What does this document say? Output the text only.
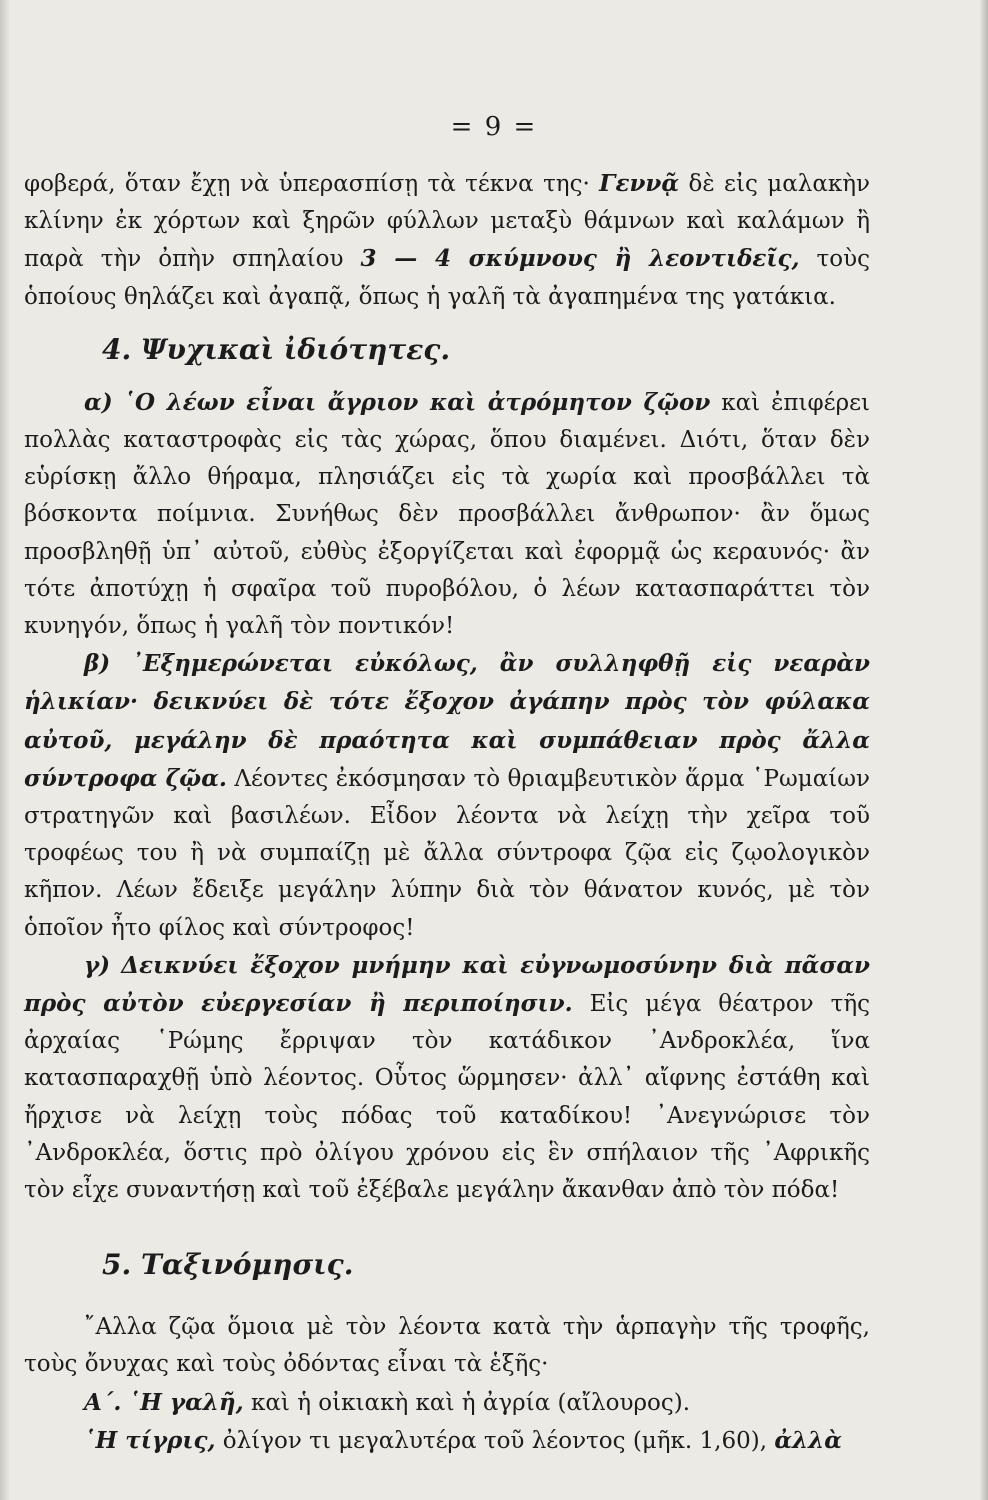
= 9 =

φοβερά, ὅταν ἔχῃ νὰ ὑπερασπίσῃ τὰ τέκνα της· Γεννᾷ δὲ εἰς μαλακὴν κλίνην ἐκ χόρτων καὶ ξηρῶν φύλλων μεταξὺ θάμνων καὶ καλάμων ἢ παρὰ τὴν ὀπὴν σπηλαίου 3 — 4 σκύμνους ἢ λεοντιδεῖς, τοὺς ὁποίους θηλάζει καὶ ἀγαπᾷ, ὅπως ἡ γαλῆ τὰ ἀγαπημένα της γατάκια.

4. Ψυχικαὶ ἰδιότητες.

α) ῾Ο λέων εἶναι ἄγριον καὶ ἀτρόμητον ζῷον καὶ ἐπιφέρει πολλὰς καταστροφὰς εἰς τὰς χώρας, ὅπου διαμένει. Διότι, ὅταν δὲν εὑρίσκῃ ἄλλο θήραμα, πλησιάζει εἰς τὰ χωρία καὶ προσβάλλει τὰ βόσκοντα ποίμνια. Συνήθως δὲν προσβάλλει ἄνθρωπον· ἂν ὅμως προσβληθῇ ὑπ᾿ αὐτοῦ, εὐθὺς ἐξοργίζεται καὶ ἐφορμᾷ ὡς κεραυνός· ἂν τότε ἀποτύχῃ ἡ σφαῖρα τοῦ πυροβόλου, ὁ λέων κατασπαράττει τὸν κυνηγόν, ὅπως ἡ γαλῆ τὸν ποντικόν!

β) ᾿Εξημερώνεται εὐκόλως, ἂν συλληφθῇ εἰς νεαρὰν ἡλικίαν· δεικνύει δὲ τότε ἔξοχον ἀγάπην πρὸς τὸν φύλακα αὐτοῦ, μεγάλην δὲ πραότητα καὶ συμπάθειαν πρὸς ἄλλα σύντροφα ζῷα. Λέοντες ἐκόσμησαν τὸ θριαμβευτικὸν ἅρμα ῾Ρωμαίων στρατηγῶν καὶ βασιλέων. Εἶδον λέοντα νὰ λείχῃ τὴν χεῖρα τοῦ τροφέως του ἢ νὰ συμπαίζῃ μὲ ἄλλα σύντροφα ζῷα εἰς ζῳολογικὸν κῆπον. Λέων ἔδειξε μεγάλην λύπην διὰ τὸν θάνατον κυνός, μὲ τὸν ὁποῖον ἦτο φίλος καὶ σύντροφος!

γ) Δεικνύει ἔξοχον μνήμην καὶ εὐγνωμοσύνην διὰ πᾶσαν πρὸς αὐτὸν εὐεργεσίαν ἢ περιποίησιν. Εἰς μέγα θέατρον τῆς ἀρχαίας ῾Ρώμης ἔρριψαν τὸν κατάδικον ᾿Ανδροκλέα, ἵνα κατασπαραχθῇ ὑπὸ λέοντος. Οὗτος ὥρμησεν· ἀλλ᾿ αἴφνης ἐστάθη καὶ ἤρχισε νὰ λείχῃ τοὺς πόδας τοῦ καταδίκου! ᾿Ανεγνώρισε τὸν ᾿Ανδροκλέα, ὅστις πρὸ ὀλίγου χρόνου εἰς ἓν σπήλαιον τῆς ᾿Αφρικῆς τὸν εἶχε συναντήσῃ καὶ τοῦ ἐξέβαλε μεγάλην ἄκανθαν ἀπὸ τὸν πόδα!

5. Ταξινόμησις.

῎Αλλα ζῷα ὅμοια μὲ τὸν λέοντα κατὰ τὴν ἁρπαγὴν τῆς τροφῆς, τοὺς ὄνυχας καὶ τοὺς ὀδόντας εἶναι τὰ ἑξῆς·

Α΄. ῾Η γαλῆ, καὶ ἡ οἰκιακὴ καὶ ἡ ἀγρία (αἴλουρος).

῾Η τίγρις, ὀλίγον τι μεγαλυτέρα τοῦ λέοντος (μῆκ. 1,60), ἀλλὰ
